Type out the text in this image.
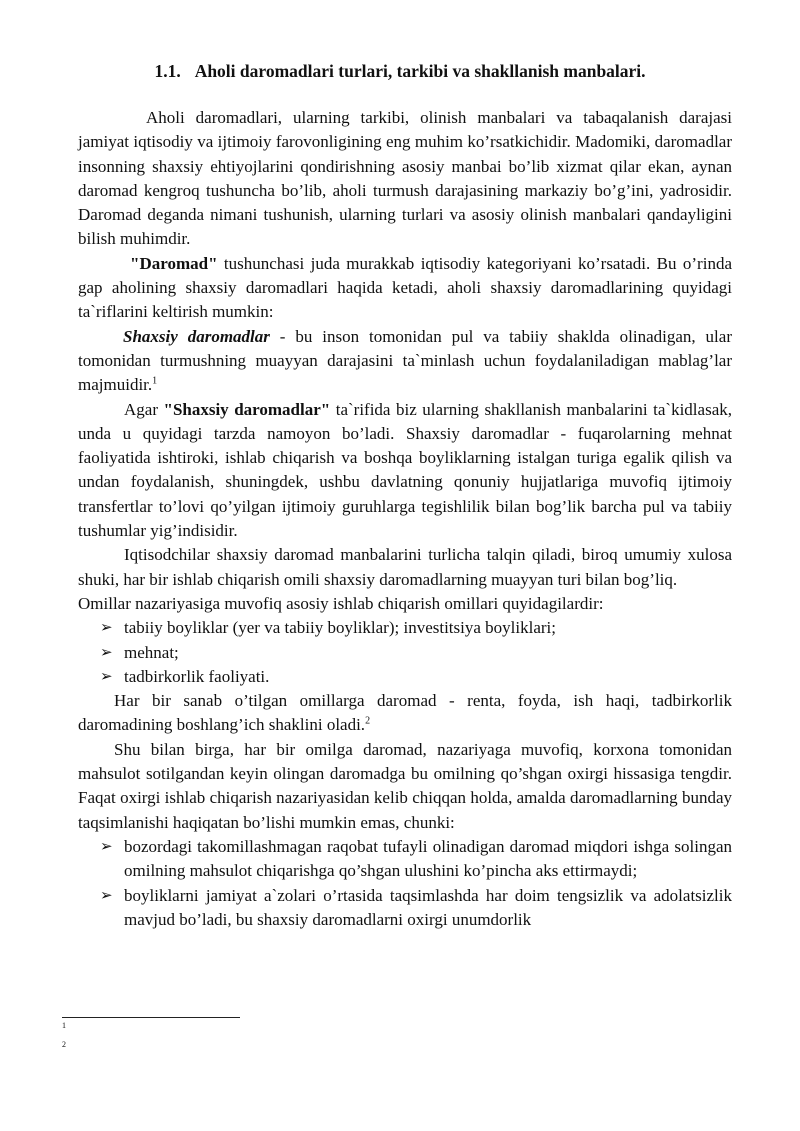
1.1. Aholi daromadlari turlari, tarkibi va shakllanish manbalari.

Aholi daromadlari, ularning tarkibi, olinish manbalari va tabaqalanish darajasi jamiyat iqtisodiy va ijtimoiy farovonligining eng muhim ko’rsatkichidir. Madomiki, daromadlar insonning shaxsiy ehtiyojlarini qondirishning asosiy manbai bo’lib xizmat qilar ekan, aynan daromad kengroq tushuncha bo’lib, aholi turmush darajasining markaziy bo’g’ini, yadrosidir. Daromad deganda nimani tushunish, ularning turlari va asosiy olinish manbalari qandayligini bilish muhimdir.

"Daromad" tushunchasi juda murakkab iqtisodiy kategoriyani ko’rsatadi. Bu o’rinda gap aholining shaxsiy daromadlari haqida ketadi, aholi shaxsiy daromadlarining quyidagi ta`riflarini keltirish mumkin:

Shaxsiy daromadlar - bu inson tomonidan pul va tabiiy shaklda olinadigan, ular tomonidan turmushning muayyan darajasini ta`minlash uchun foydalaniladigan mablag’lar majmuidir.$^1$

Agar "Shaxsiy daromadlar" ta`rifida biz ularning shakllanish manbalarini ta`kidlasak, unda u quyidagi tarzda namoyon bo’ladi. Shaxsiy daromadlar - fuqarolarning mehnat faoliyatida ishtiroki, ishlab chiqarish va boshqa boyliklarning istalgan turiga egalik qilish va undan foydalanish, shuningdek, ushbu davlatning qonuniy hujjatlariga muvofiq ijtimoiy transfertlar to’lovi qo’yilgan ijtimoiy guruhlarga tegishlilik bilan bog’lik barcha pul va tabiiy tushumlar yig’indisidir.

Iqtisodchilar shaxsiy daromad manbalarini turlicha talqin qiladi, biroq umumiy xulosa shuki, har bir ishlab chiqarish omili shaxsiy daromadlarning muayyan turi bilan bog’liq.

Omillar nazariyasiga muvofiq asosiy ishlab chiqarish omillari quyidagilardir:

➢ tabiiy boyliklar (yer va tabiiy boyliklar); investitsiya boyliklari;
➢ mehnat;
➢ tadbirkorlik faoliyati.

Har bir sanab o’tilgan omillarga daromad - renta, foyda, ish haqi, tadbirkorlik daromadining boshlang’ich shaklini oladi.$^2$

Shu bilan birga, har bir omilga daromad, nazariyaga muvofiq, korxona tomonidan mahsulot sotilgandan keyin olingan daromadga bu omilning qo’shgan oxirgi hissasiga tengdir. Faqat oxirgi ishlab chiqarish nazariyasidan kelib chiqqan holda, amalda daromadlarning bunday taqsimlanishi haqiqatan bo’lishi mumkin emas, chunki:

➢ bozordagi takomillashmagan raqobat tufayli olinadigan daromad miqdori ishga solingan omilning mahsulot chiqarishga qo’shgan ulushini ko’pincha aks ettirmaydi;
➢ boyliklarni jamiyat a`zolari o’rtasida taqsimlashda har doim tengsizlik va adolatsizlik mavjud bo’ladi, bu shaxsiy daromadlarni oxirgi unumdorlik
1
2
